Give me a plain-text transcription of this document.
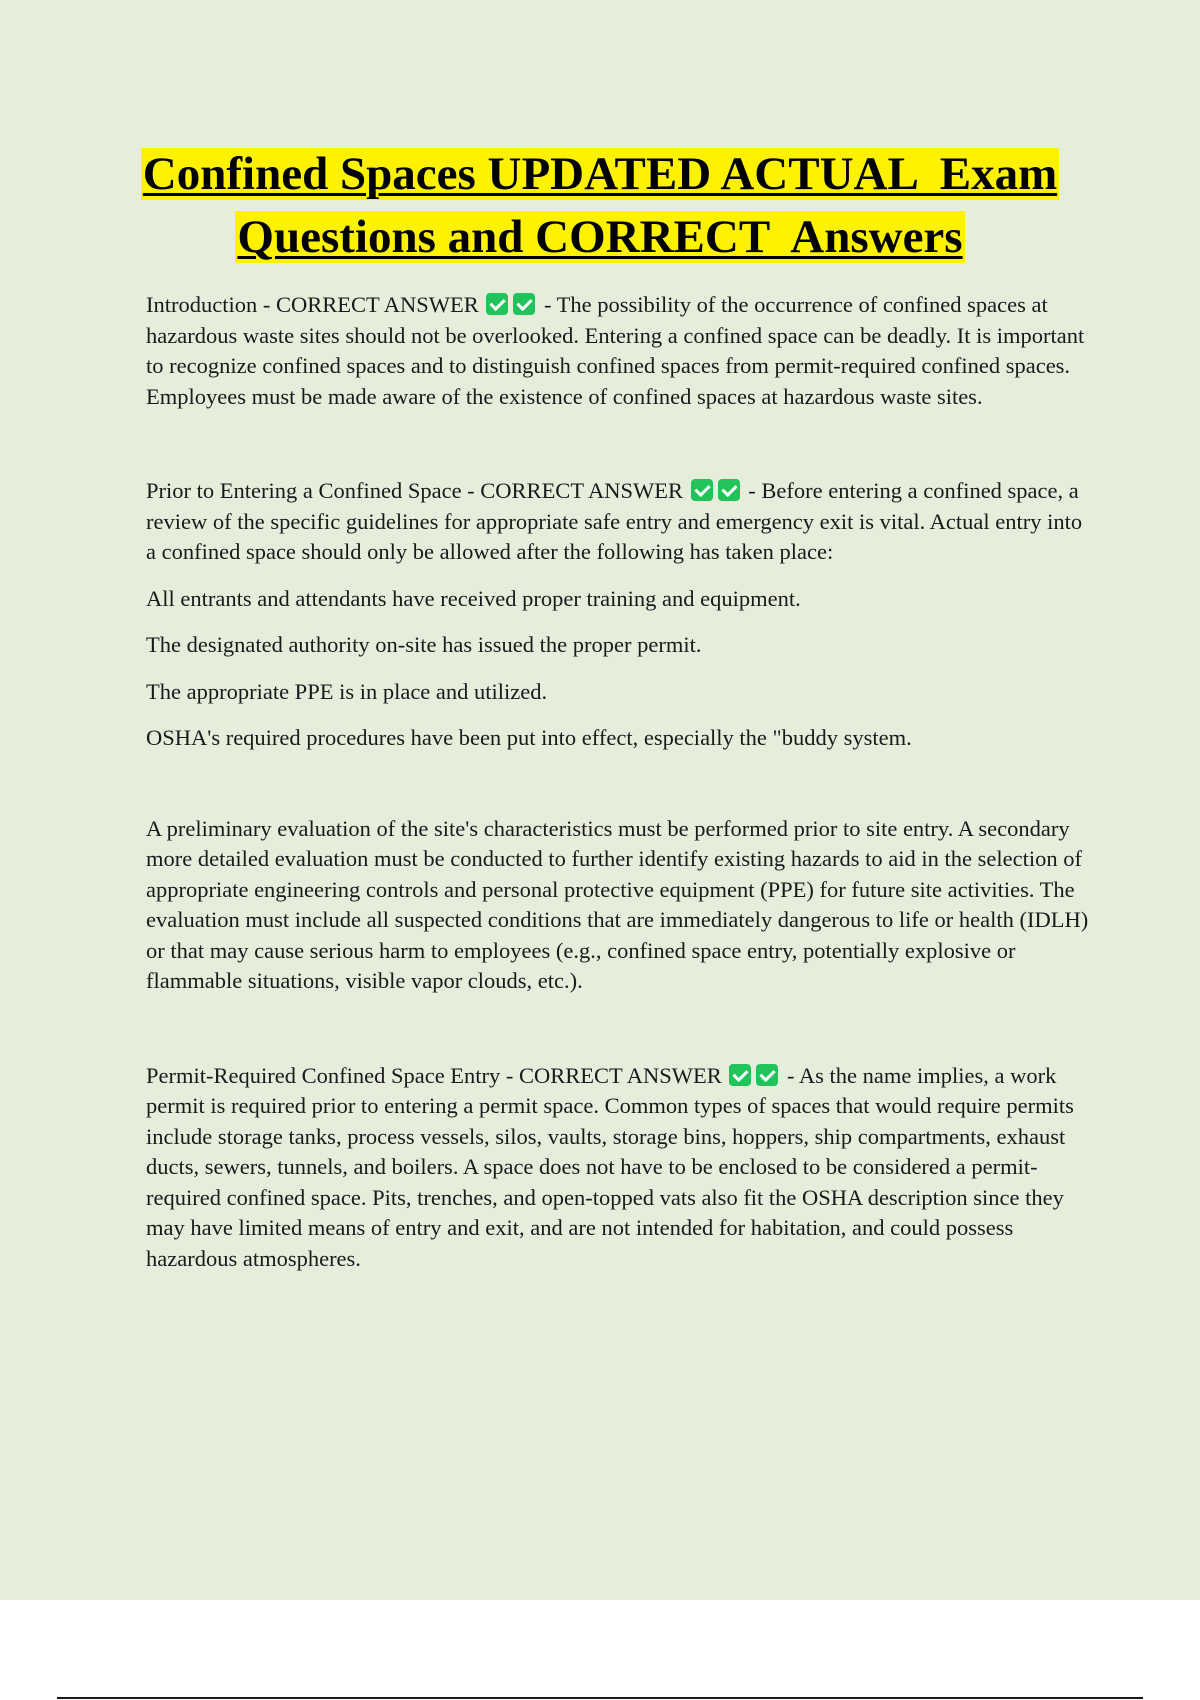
Confined Spaces UPDATED ACTUAL  Exam
Questions and CORRECT  Answers

Introduction - CORRECT ANSWER	- The possibility of the occurrence of confined spaces at hazardous waste sites should not be overlooked. Entering a confined space can be deadly. It is important to recognize confined spaces and to distinguish confined spaces from permit-required confined spaces. Employees must be made aware of the existence of confined spaces at hazardous waste sites.

Prior to Entering a Confined Space - CORRECT ANSWER	- Before entering a confined space, a review of the specific guidelines for appropriate safe entry and emergency exit is vital. Actual entry into a confined space should only be allowed after the following has taken place:

All entrants and attendants have received proper training and equipment.

The designated authority on-site has issued the proper permit.

The appropriate PPE is in place and utilized.

OSHA's required procedures have been put into effect, especially the "buddy system.

A preliminary evaluation of the site's characteristics must be performed prior to site entry. A secondary more detailed evaluation must be conducted to further identify existing hazards to aid in the selection of appropriate engineering controls and personal protective equipment (PPE) for future site activities. The evaluation must include all suspected conditions that are immediately dangerous to life or health (IDLH) or that may cause serious harm to employees (e.g., confined space entry, potentially explosive or flammable situations, visible vapor clouds, etc.).

Permit-Required Confined Space Entry - CORRECT ANSWER	- As the name implies, a work permit is required prior to entering a permit space. Common types of spaces that would require permits include storage tanks, process vessels, silos, vaults, storage bins, hoppers, ship compartments, exhaust ducts, sewers, tunnels, and boilers. A space does not have to be enclosed to be considered a permit-required confined space. Pits, trenches, and open-topped vats also fit the OSHA description since they may have limited means of entry and exit, and are not intended for habitation, and could possess hazardous atmospheres.
